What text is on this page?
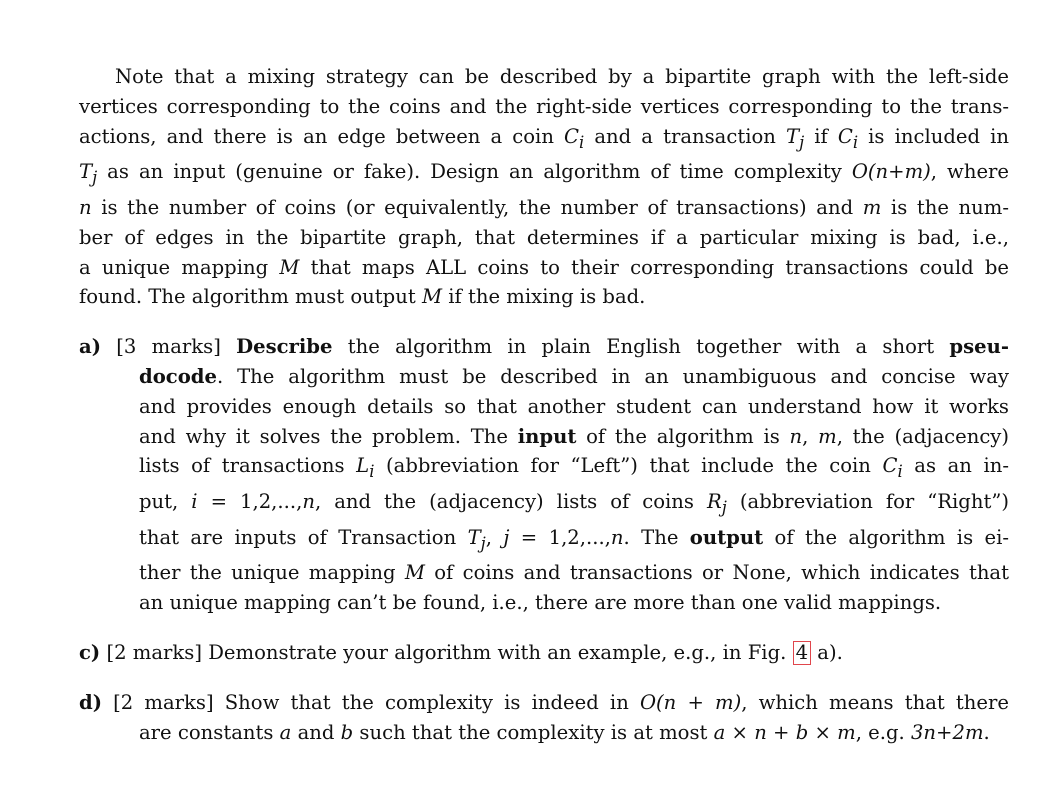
Note that a mixing strategy can be described by a bipartite graph with the left-side
vertices corresponding to the coins and the right-side vertices corresponding to the trans-
actions, and there is an edge between a coin $C_i$ and a transaction $T_j$ if $C_i$ is included in
$T_j$ as an input (genuine or fake). Design an algorithm of time complexity O(n+m), where
n is the number of coins (or equivalently, the number of transactions) and m is the num-
ber of edges in the bipartite graph, that determines if a particular mixing is bad, i.e.,
a unique mapping M that maps ALL coins to their corresponding transactions could be
found. The algorithm must output M if the mixing is bad.
a) [3 marks] Describe the algorithm in plain English together with a short pseu-
docode. The algorithm must be described in an unambiguous and concise way
and provides enough details so that another student can understand how it works
and why it solves the problem. The input of the algorithm is n, m, the (adjacency)
lists of transactions $L_i$ (abbreviation for “Left”) that include the coin $C_i$ as an in-
put, i = 1,2,...,n, and the (adjacency) lists of coins $R_j$ (abbreviation for “Right”)
that are inputs of Transaction $T_j$, j = 1,2,...,n. The output of the algorithm is ei-
ther the unique mapping M of coins and transactions or None, which indicates that
an unique mapping can’t be found, i.e., there are more than one valid mappings.
c) [2 marks] Demonstrate your algorithm with an example, e.g., in Fig. 4 a).
d) [2 marks] Show that the complexity is indeed in O(n + m), which means that there
are constants a and b such that the complexity is at most a × n + b × m, e.g. 3n+2m.
